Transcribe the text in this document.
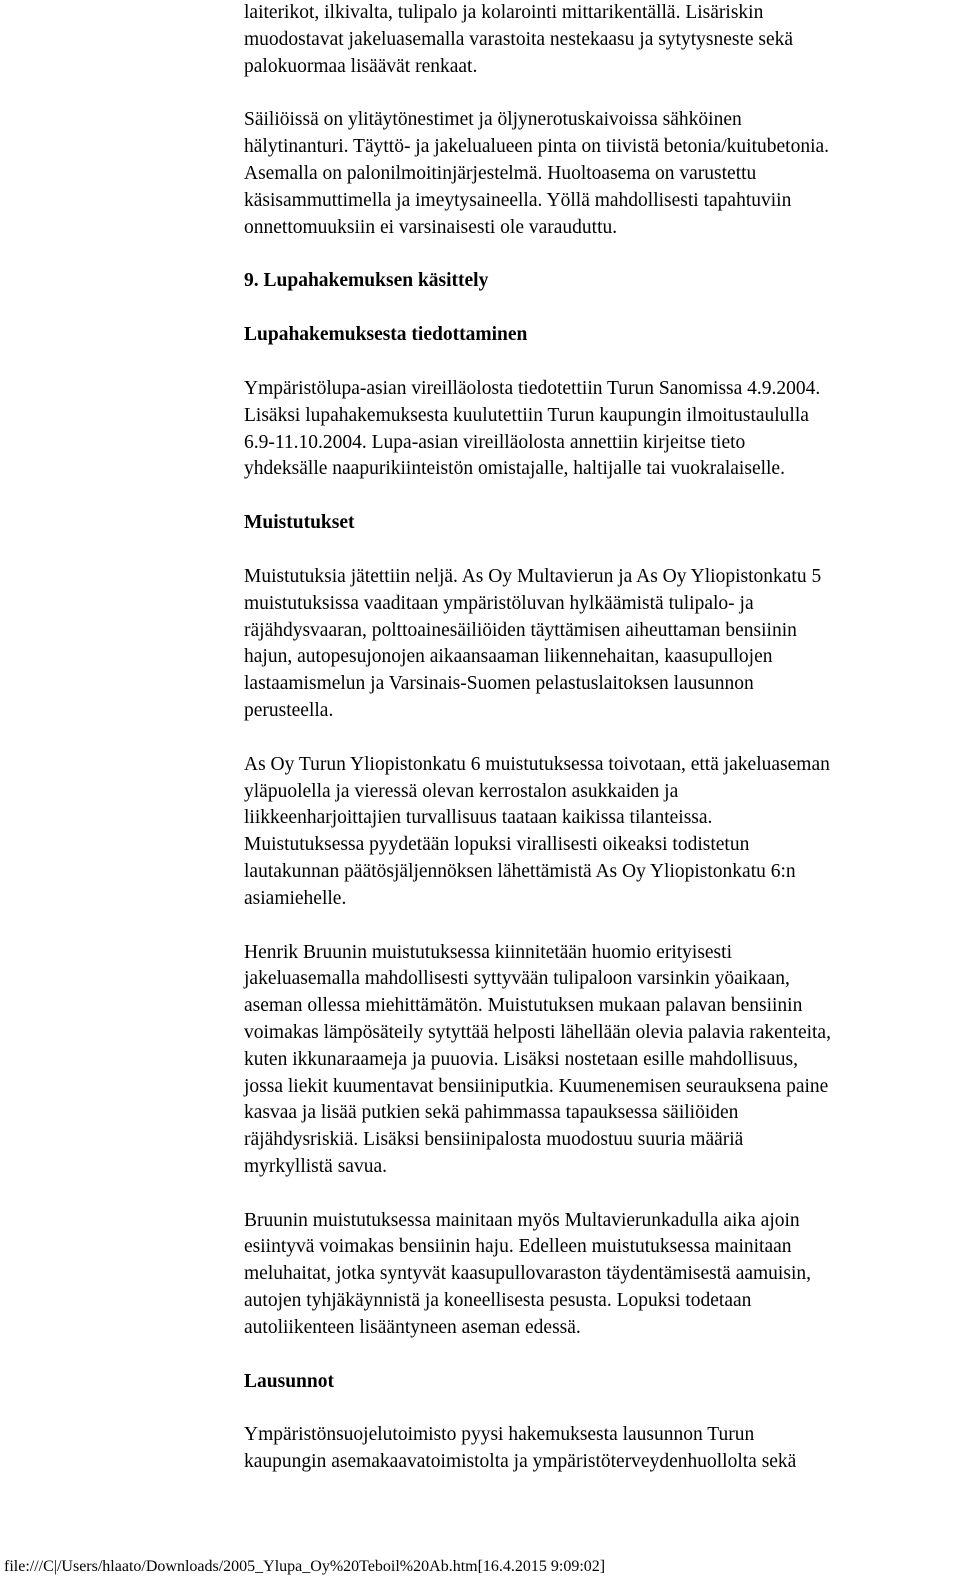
laiterikot, ilkivalta, tulipalo ja kolarointi mittarikentällä. Lisäriskin
muodostavat jakeluasemalla varastoita nestekaasu ja sytytysneste sekä
palokuormaa lisäävät renkaat.

Säiliöissä on ylitäytönestimet ja öljynerotuskaivoissa sähköinen
hälytinanturi. Täyttö- ja jakelualueen pinta on tiivistä betonia/kuitubetonia.
Asemalla on palonilmoitinjärjestelmä. Huoltoasema on varustettu
käsisammuttimella ja imeytysaineella. Yöllä mahdollisesti tapahtuviin
onnettomuuksiin ei varsinaisesti ole varauduttu.

9. Lupahakemuksen käsittely
Lupahakemuksesta tiedottaminen

Ympäristölupa-asian vireilläolosta tiedotettiin Turun Sanomissa 4.9.2004.
Lisäksi lupahakemuksesta kuulutettiin Turun kaupungin ilmoitustaululla
6.9-11.10.2004. Lupa-asian vireilläolosta annettiin kirjeitse tieto
yhdeksälle naapurikiinteistön omistajalle, haltijalle tai vuokralaiselle.

Muistutukset

Muistutuksia jätettiin neljä. As Oy Multavierun ja As Oy Yliopistonkatu 5
muistutuksissa vaaditaan ympäristöluvan hylkäämistä tulipalo- ja
räjähdysvaaran, polttoainesäiliöiden täyttämisen aiheuttaman bensiinin
hajun, autopesujonojen aikaansaaman liikennehaitan, kaasupullojen
lastaamismelun ja Varsinais-Suomen pelastuslaitoksen lausunnon
perusteella.

As Oy Turun Yliopistonkatu 6 muistutuksessa toivotaan, että jakeluaseman
yläpuolella ja vieressä olevan kerrostalon asukkaiden ja
liikkeenharjoittajien turvallisuus taataan kaikissa tilanteissa.
Muistutuksessa pyydetään lopuksi virallisesti oikeaksi todistetun
lautakunnan päätösjäljennöksen lähettämistä As Oy Yliopistonkatu 6:n
asiamiehelle.

Henrik Bruunin muistutuksessa kiinnitetään huomio erityisesti
jakeluasemalla mahdollisesti syttyvään tulipaloon varsinkin yöaikaan,
aseman ollessa miehittämätön. Muistutuksen mukaan palavan bensiinin
voimakas lämpösäteily sytyttää helposti lähellään olevia palavia rakenteita,
kuten ikkunaraameja ja puuovia. Lisäksi nostetaan esille mahdollisuus,
jossa liekit kuumentavat bensiiniputkia. Kuumenemisen seurauksena paine
kasvaa ja lisää putkien sekä pahimmassa tapauksessa säiliöiden
räjähdysriskiä. Lisäksi bensiinipalosta muodostuu suuria määriä
myrkyllistä savua.

Bruunin muistutuksessa mainitaan myös Multavierunkadulla aika ajoin
esiintyvä voimakas bensiinin haju. Edelleen muistutuksessa mainitaan
meluhaitat, jotka syntyvät kaasupullovaraston täydentämisestä aamuisin,
autojen tyhjäkäynnistä ja koneellisesta pesusta. Lopuksi todetaan
autoliikenteen lisääntyneen aseman edessä.

Lausunnot

Ympäristönsuojelutoimisto pyysi hakemuksesta lausunnon Turun
kaupungin asemakaavatoimistolta ja ympäristöterveydenhuollolta sekä

file:///C|/Users/hlaato/Downloads/2005_Ylupa_Oy%20Teboil%20Ab.htm[16.4.2015 9:09:02]
